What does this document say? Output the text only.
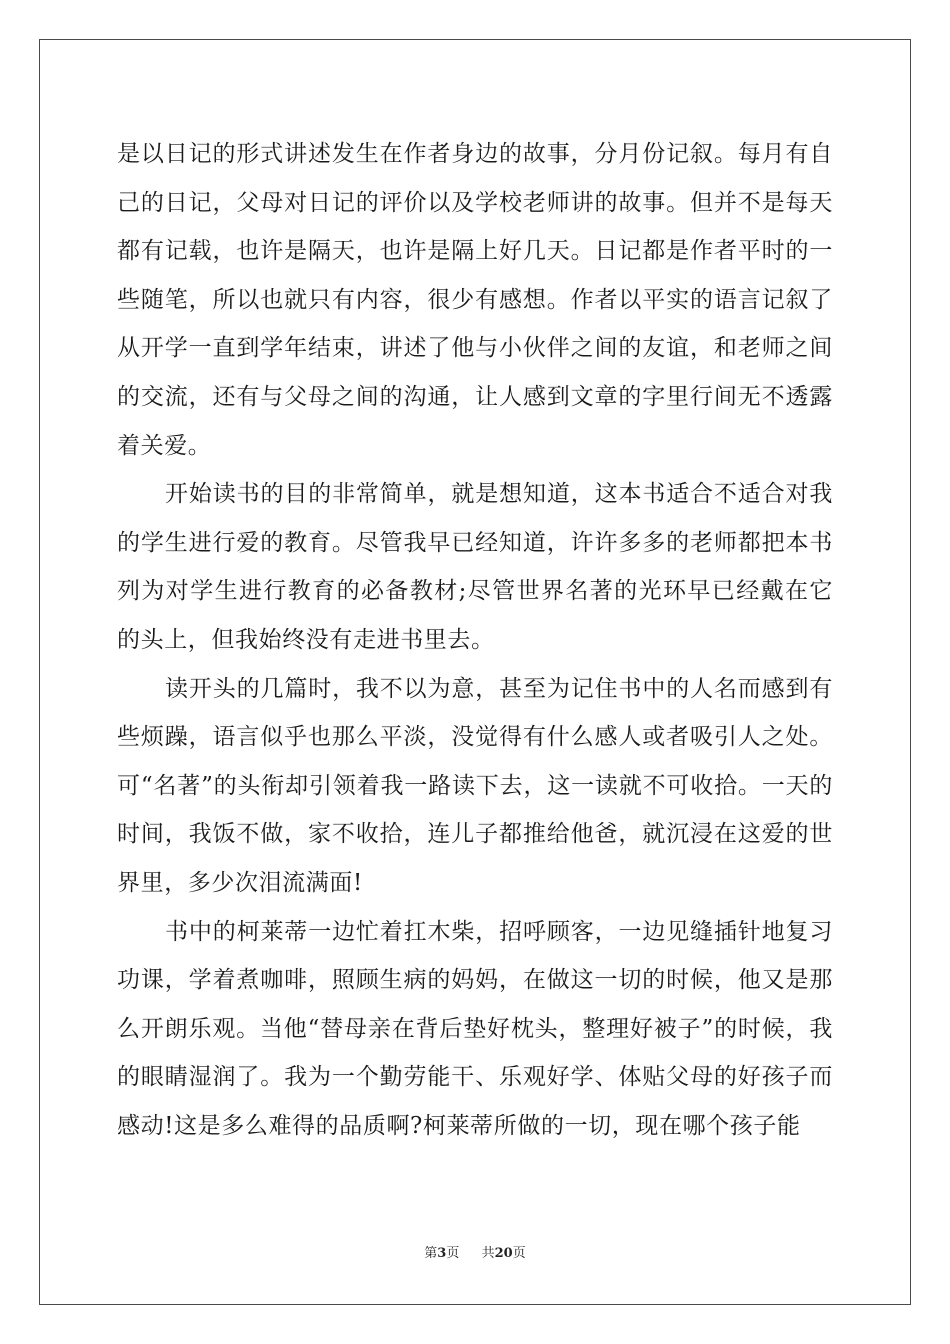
是以日记的形式讲述发生在作者身边的故事，分月份记叙。每月有自己的日记，父母对日记的评价以及学校老师讲的故事。但并不是每天都有记载，也许是隔天，也许是隔上好几天。日记都是作者平时的一些随笔，所以也就只有内容，很少有感想。作者以平实的语言记叙了从开学一直到学年结束，讲述了他与小伙伴之间的友谊，和老师之间的交流，还有与父母之间的沟通，让人感到文章的字里行间无不透露着关爱。

开始读书的目的非常简单，就是想知道，这本书适合不适合对我的学生进行爱的教育。尽管我早已经知道，许许多多的老师都把本书列为对学生进行教育的必备教材;尽管世界名著的光环早已经戴在它的头上，但我始终没有走进书里去。

读开头的几篇时，我不以为意，甚至为记住书中的人名而感到有些烦躁，语言似乎也那么平淡，没觉得有什么感人或者吸引人之处。可“名著”的头衔却引领着我一路读下去，这一读就不可收拾。一天的时间，我饭不做，家不收拾，连儿子都推给他爸，就沉浸在这爱的世界里，多少次泪流满面!

书中的柯莱蒂一边忙着扛木柴，招呼顾客，一边见缝插针地复习功课，学着煮咖啡，照顾生病的妈妈，在做这一切的时候，他又是那么开朗乐观。当他“替母亲在背后垫好枕头，整理好被子”的时候，我的眼睛湿润了。我为一个勤劳能干、乐观好学、体贴父母的好孩子而感动!这是多么难得的品质啊?柯莱蒂所做的一切，现在哪个孩子能

第3页 共20页
